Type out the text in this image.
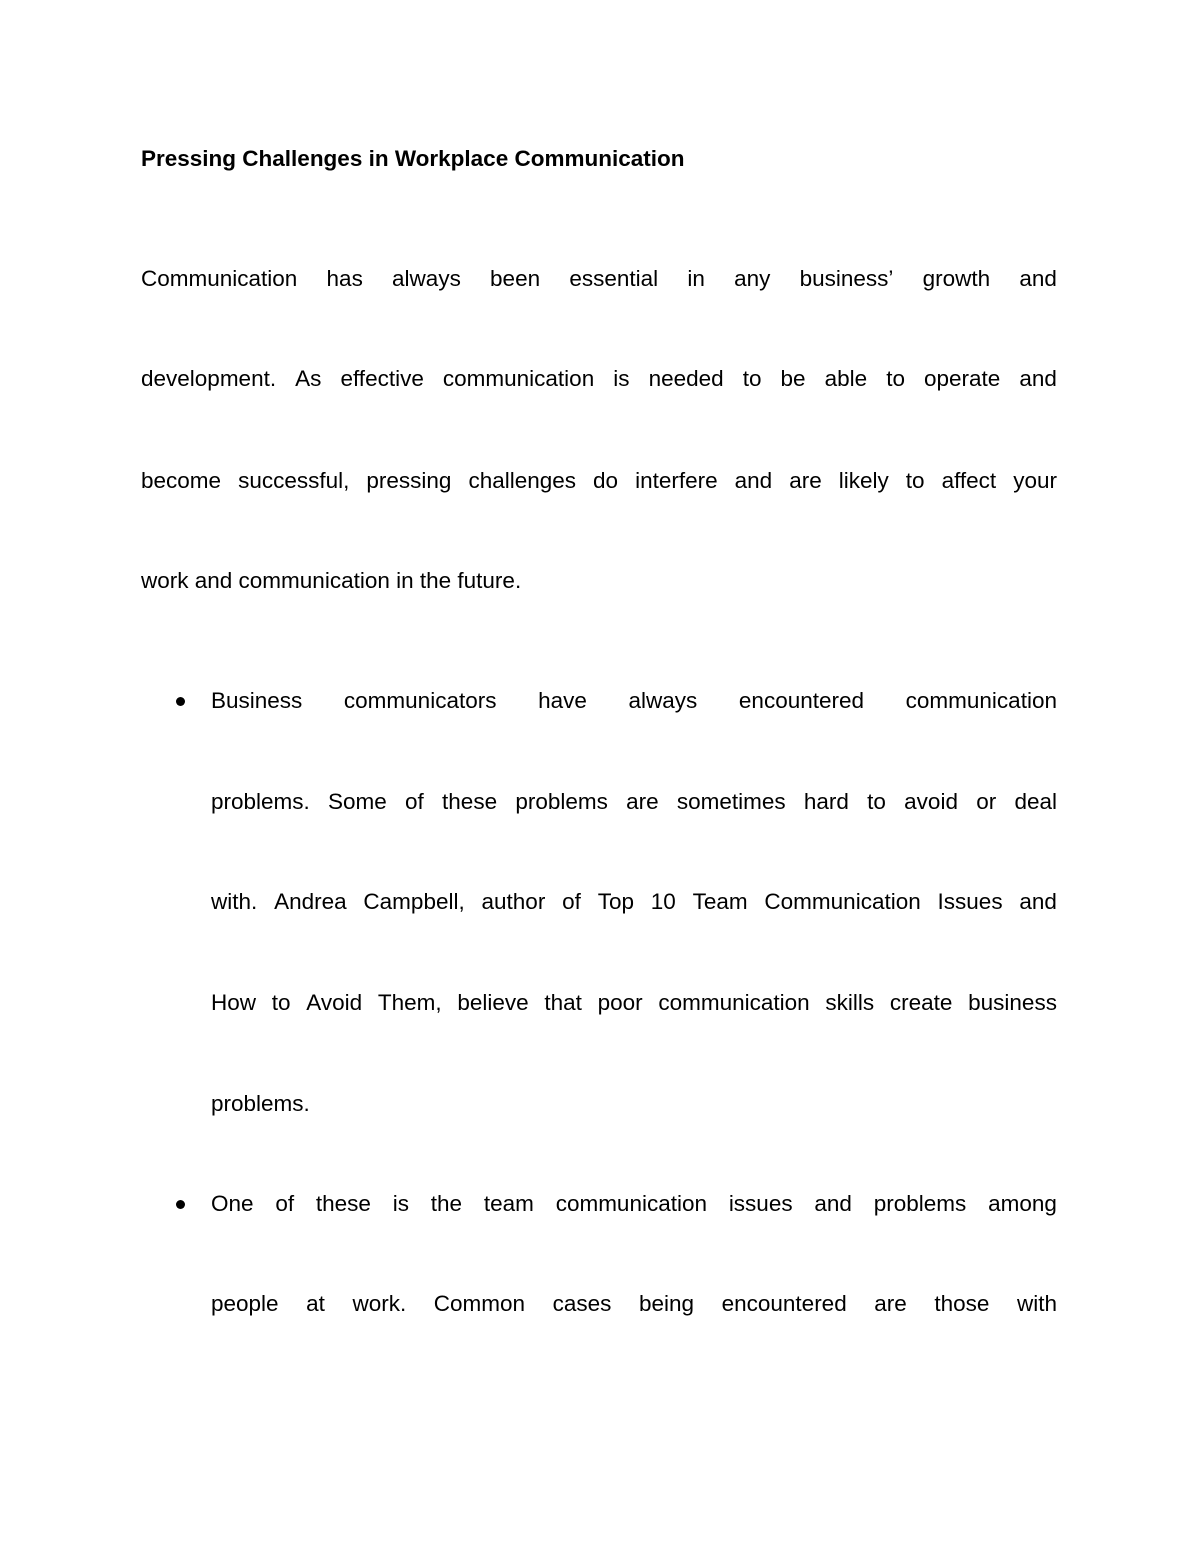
Pressing Challenges in Workplace Communication
Communication has always been essential in any business’ growth and
development. As effective communication is needed to be able to operate and
become successful, pressing challenges do interfere and are likely to affect your
work and communication in the future.
Business communicators have always encountered communication
problems. Some of these problems are sometimes hard to avoid or deal
with. Andrea Campbell, author of Top 10 Team Communication Issues and
How to Avoid Them, believe that poor communication skills create business
problems.
One of these is the team communication issues and problems among
people at work. Common cases being encountered are those with
